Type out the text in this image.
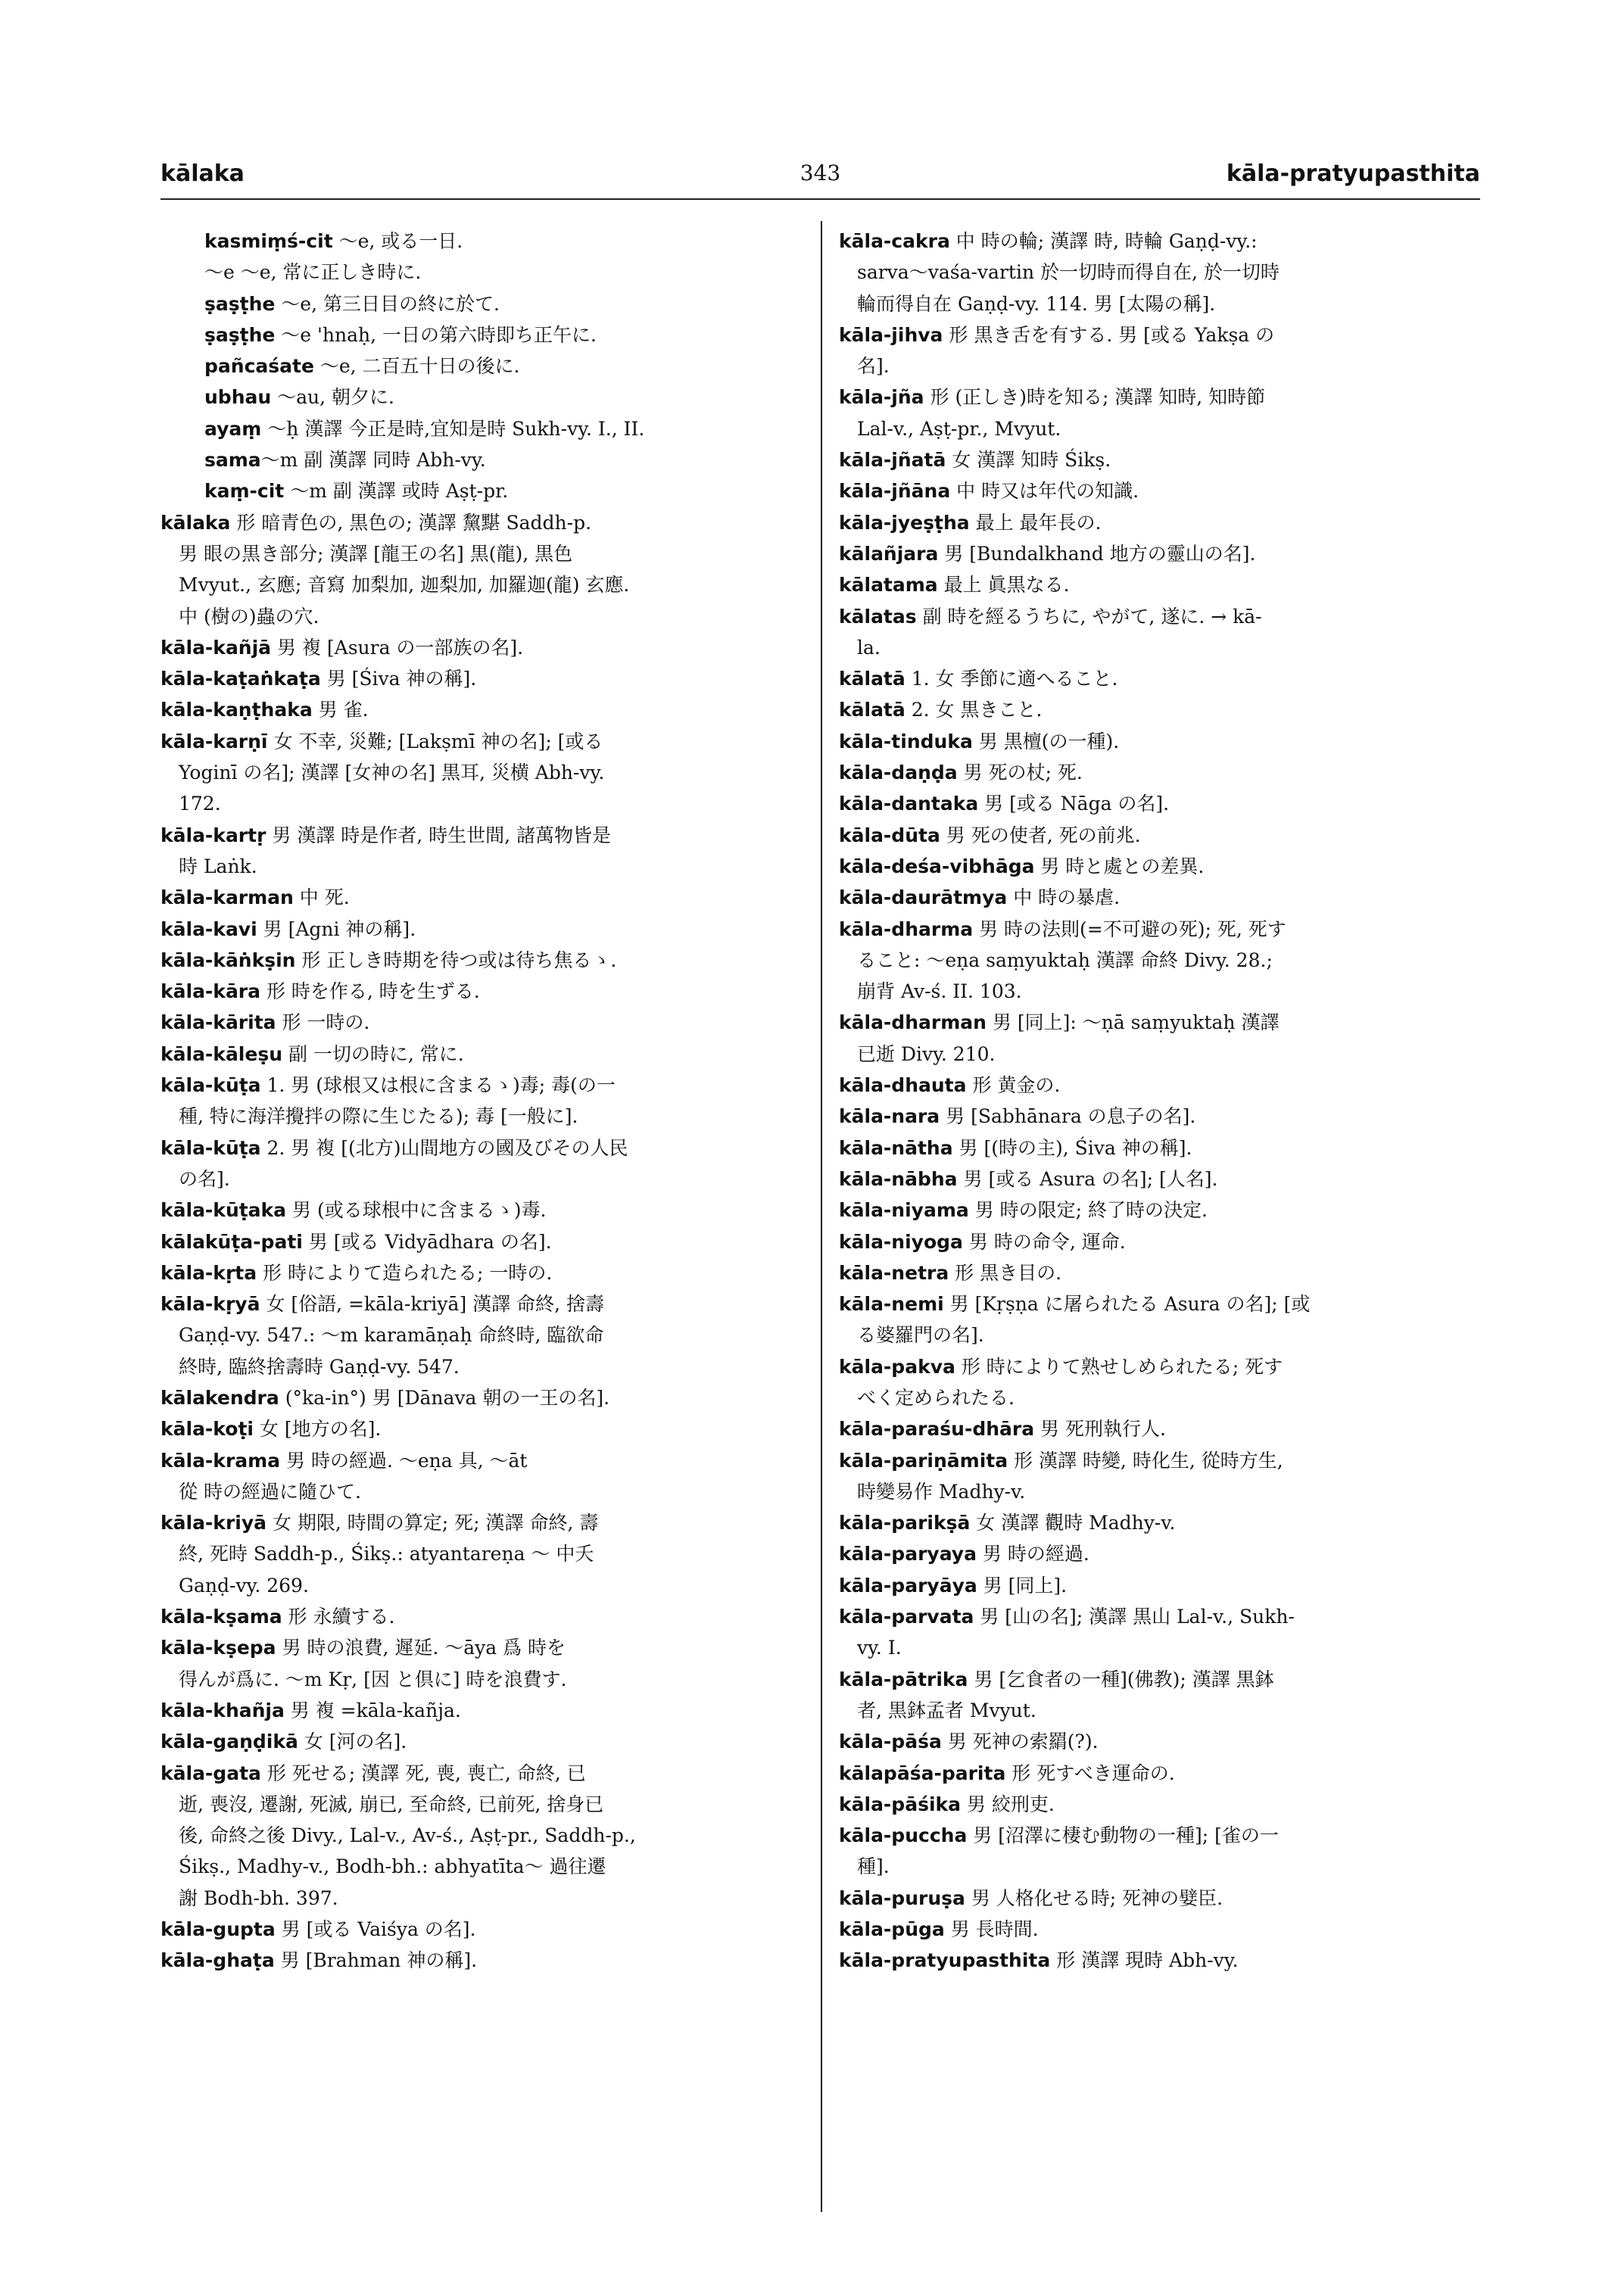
kālaka	343	kāla-pratyupasthita
kasmiṃś-cit 〜e, 或る一日.
〜e 〜e, 常に正しき時に.
ṣaṣṭhe 〜e, 第三日目の終に於て.
ṣaṣṭhe 〜e 'hnaḥ, 一日の第六時即ち正午に.
pañcaśate 〜e, 二百五十日の後に.
ubhau 〜au, 朝夕に.
ayaṃ 〜ḥ 漢譯 今正是時,宜知是時 Sukh-vy. I., II.
sama〜m 副 漢譯 同時 Abh-vy.
kaṃ-cit 〜m 副 漢譯 或時 Aṣṭ-pr.
kālaka 形 暗青色の, 黒色の; 漢譯 黧黮 Saddh-p.
男 眼の黒き部分; 漢譯 [龍王の名] 黒(龍), 黒色
Mvyut., 玄應; 音寫 加梨加, 迦梨加, 加羅迦(龍) 玄應.
中 (樹の)蟲の穴.
kāla-kañjā 男 複 [Asura の一部族の名].
kāla-kaṭaṅkaṭa 男 [Śiva 神の稱].
kāla-kaṇṭhaka 男 雀.
kāla-karṇī 女 不幸, 災難; [Lakṣmī 神の名]; [或る
Yoginī の名]; 漢譯 [女神の名] 黒耳, 災横 Abh-vy.
172.
kāla-kartṛ 男 漢譯 時是作者, 時生世間, 諸萬物皆是
時 Laṅk.
kāla-karman 中 死.
kāla-kavi 男 [Agni 神の稱].
kāla-kāṅkṣin 形 正しき時期を待つ或は待ち焦るゝ.
kāla-kāra 形 時を作る, 時を生ずる.
kāla-kārita 形 一時の.
kāla-kāleṣu 副 一切の時に, 常に.
kāla-kūṭa 1. 男 (球根又は根に含まるゝ)毒; 毒(の一
種, 特に海洋攪拌の際に生じたる); 毒 [一般に].
kāla-kūṭa 2. 男 複 [(北方)山間地方の國及びその人民
の名].
kāla-kūṭaka 男 (或る球根中に含まるゝ)毒.
kālakūṭa-pati 男 [或る Vidyādhara の名].
kāla-kṛta 形 時によりて造られたる; 一時の.
kāla-kṛyā 女 [俗語, =kāla-kriyā] 漢譯 命終, 捨壽
Gaṇḍ-vy. 547.: 〜m karamāṇaḥ 命終時, 臨欲命
終時, 臨終捨壽時 Gaṇḍ-vy. 547.
kālakendra (°ka-in°) 男 [Dānava 朝の一王の名].
kāla-koṭi 女 [地方の名].
kāla-krama 男 時の經過. 〜eṇa 具, 〜āt
從 時の經過に隨ひて.
kāla-kriyā 女 期限, 時間の算定; 死; 漢譯 命終, 壽
終, 死時 Saddh-p., Śikṣ.: atyantareṇa 〜 中夭
Gaṇḍ-vy. 269.
kāla-kṣama 形 永續する.
kāla-kṣepa 男 時の浪費, 遲延. 〜āya 爲 時を
得んが爲に. 〜m Kṛ, [因 と倶に] 時を浪費す.
kāla-khañja 男 複 =kāla-kañja.
kāla-gaṇḍikā 女 [河の名].
kāla-gata 形 死せる; 漢譯 死, 喪, 喪亡, 命終, 已
逝, 喪沒, 遷謝, 死滅, 崩已, 至命終, 已前死, 捨身已
後, 命終之後 Divy., Lal-v., Av-ś., Aṣṭ-pr., Saddh-p.,
Śikṣ., Madhy-v., Bodh-bh.: abhyatīta〜 過往遷
謝 Bodh-bh. 397.
kāla-gupta 男 [或る Vaiśya の名].
kāla-ghaṭa 男 [Brahman 神の稱].
kāla-cakra 中 時の輪; 漢譯 時, 時輪 Gaṇḍ-vy.:
sarva〜vaśa-vartin 於一切時而得自在, 於一切時
輪而得自在 Gaṇḍ-vy. 114. 男 [太陽の稱].
kāla-jihva 形 黒き舌を有する. 男 [或る Yakṣa の
名].
kāla-jña 形 (正しき)時を知る; 漢譯 知時, 知時節
Lal-v., Aṣṭ-pr., Mvyut.
kāla-jñatā 女 漢譯 知時 Śikṣ.
kāla-jñāna 中 時又は年代の知識.
kāla-jyeṣṭha 最上 最年長の.
kālañjara 男 [Bundalkhand 地方の靈山の名].
kālatama 最上 眞黒なる.
kālatas 副 時を經るうちに, やがて, 遂に. → kā-
la.
kālatā 1. 女 季節に適へること.
kālatā 2. 女 黒きこと.
kāla-tinduka 男 黒檀(の一種).
kāla-daṇḍa 男 死の杖; 死.
kāla-dantaka 男 [或る Nāga の名].
kāla-dūta 男 死の使者, 死の前兆.
kāla-deśa-vibhāga 男 時と處との差異.
kāla-daurātmya 中 時の暴虐.
kāla-dharma 男 時の法則(=不可避の死); 死, 死す
ること: 〜eṇa saṃyuktaḥ 漢譯 命終 Divy. 28.;
崩背 Av-ś. II. 103.
kāla-dharman 男 [同上]: 〜ṇā saṃyuktaḥ 漢譯
已逝 Divy. 210.
kāla-dhauta 形 黄金の.
kāla-nara 男 [Sabhānara の息子の名].
kāla-nātha 男 [(時の主), Śiva 神の稱].
kāla-nābha 男 [或る Asura の名]; [人名].
kāla-niyama 男 時の限定; 終了時の決定.
kāla-niyoga 男 時の命令, 運命.
kāla-netra 形 黒き目の.
kāla-nemi 男 [Kṛṣṇa に屠られたる Asura の名]; [或
る婆羅門の名].
kāla-pakva 形 時によりて熟せしめられたる; 死す
べく定められたる.
kāla-paraśu-dhāra 男 死刑執行人.
kāla-pariṇāmita 形 漢譯 時變, 時化生, 從時方生,
時變易作 Madhy-v.
kāla-parikṣā 女 漢譯 觀時 Madhy-v.
kāla-paryaya 男 時の經過.
kāla-paryāya 男 [同上].
kāla-parvata 男 [山の名]; 漢譯 黒山 Lal-v., Sukh-
vy. I.
kāla-pātrika 男 [乞食者の一種](佛教); 漢譯 黒鉢
者, 黒鉢孟者 Mvyut.
kāla-pāśa 男 死神の索羂(?).
kālapāśa-parita 形 死すべき運命の.
kāla-pāśika 男 絞刑吏.
kāla-puccha 男 [沼澤に棲む動物の一種]; [雀の一
種].
kāla-puruṣa 男 人格化せる時; 死神の嬖臣.
kāla-pūga 男 長時間.
kāla-pratyupasthita 形 漢譯 現時 Abh-vy.
